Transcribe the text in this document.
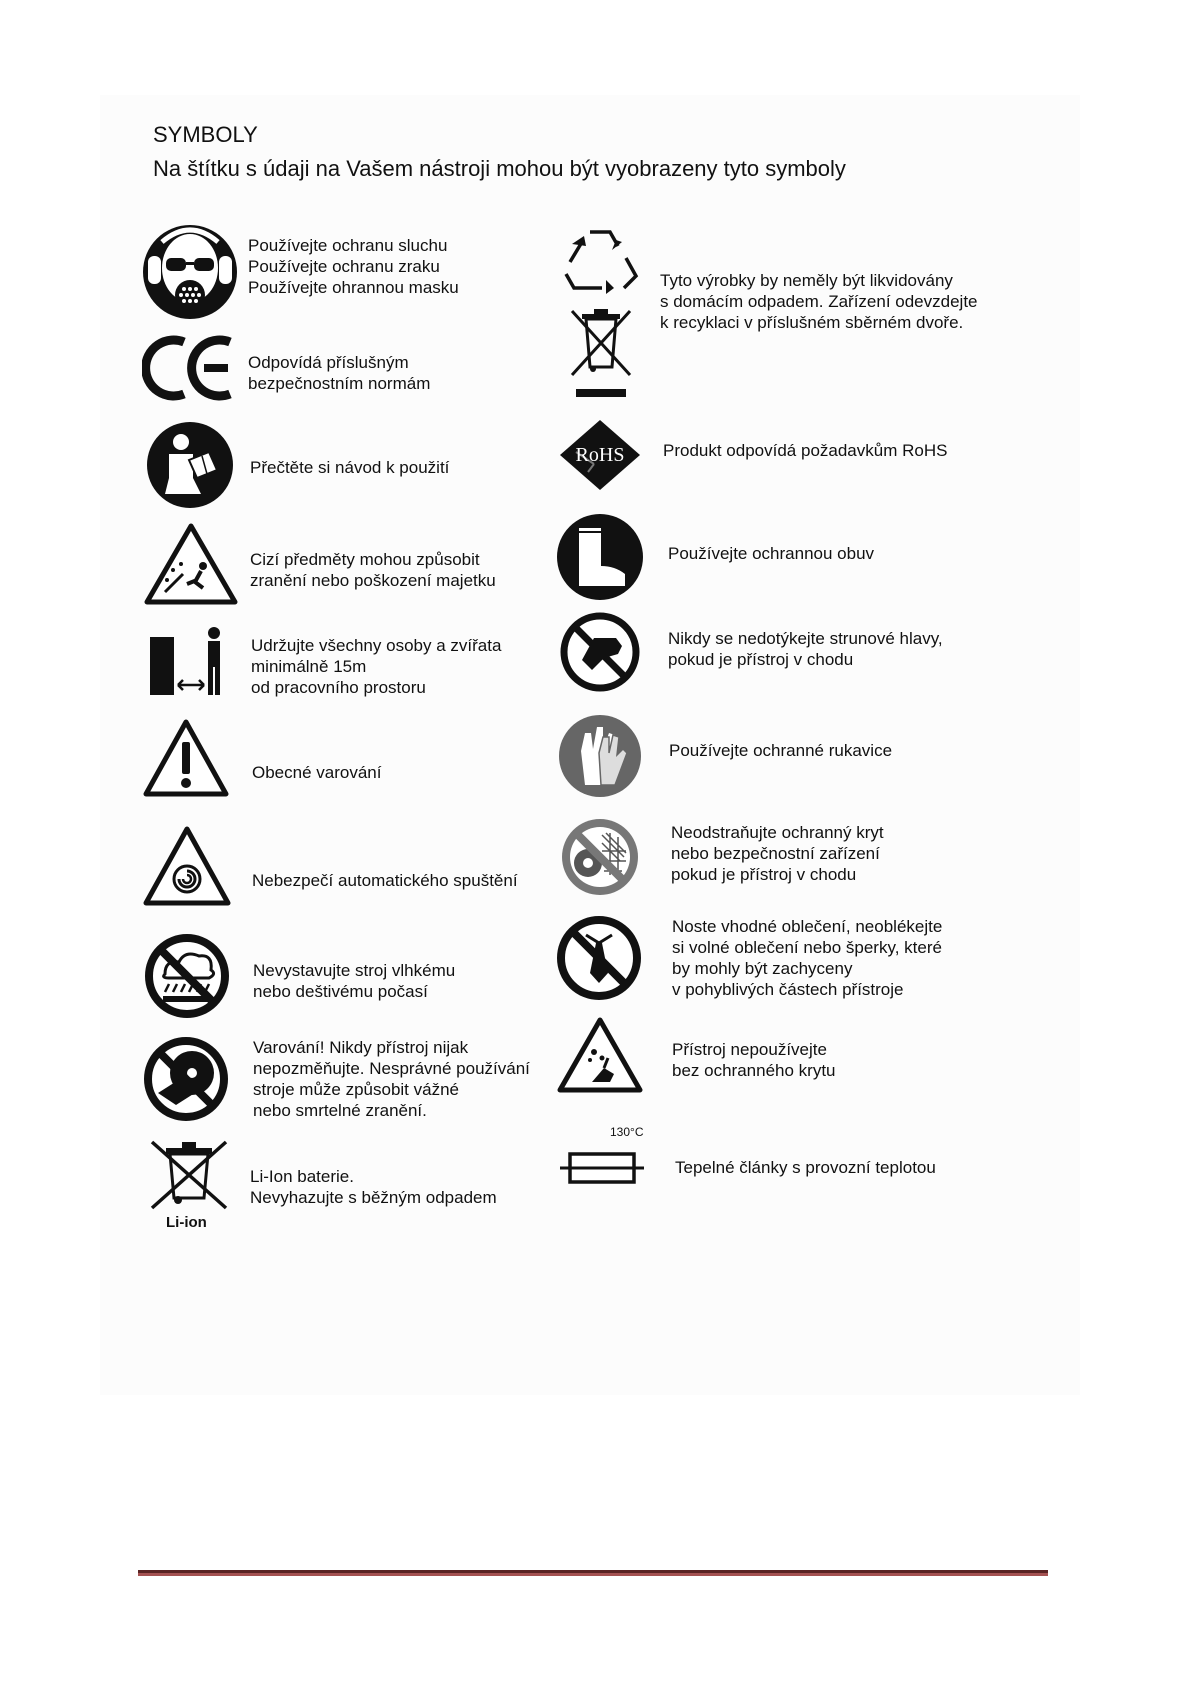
SYMBOLY
Na štítku s údaji na Vašem nástroji mohou být vyobrazeny tyto symboly
Používejte ochranu sluchu
Používejte ochranu zraku
Používejte ohrannou masku
Odpovídá příslušným
bezpečnostním normám
Přečtěte si návod k použití
Cizí předměty mohou způsobit
zranění nebo poškození majetku
Udržujte všechny osoby a zvířata
minimálně 15m
od pracovního prostoru
Obecné varování
Nebezpečí automatického spuštění
Nevystavujte stroj vlhkému
nebo deštivému počasí
Varování! Nikdy přístroj nijak
nepozměňujte. Nesprávné používání
stroje může způsobit vážné
nebo smrtelné zranění.
Li-ion
Li-Ion baterie.
Nevyhazujte s běžným odpadem
Tyto výrobky by neměly být likvidovány
s domácím odpadem. Zařízení odevzdejte
k recyklaci v příslušném sběrném dvoře.
RoHS Produkt odpovídá požadavkům RoHS
Používejte ochrannou obuv
Nikdy se nedotýkejte strunové hlavy,
pokud je přístroj v chodu
Používejte ochranné rukavice
Neodstraňujte ochranný kryt
nebo bezpečnostní zařízení
pokud je přístroj v chodu
Noste vhodné oblečení, neoblékejte
si volné oblečení nebo šperky, které
by mohly být zachyceny
v pohyblivých částech přístroje
Přístroj nepoužívejte
bez ochranného krytu
130°C
Tepelné články s provozní teplotou
